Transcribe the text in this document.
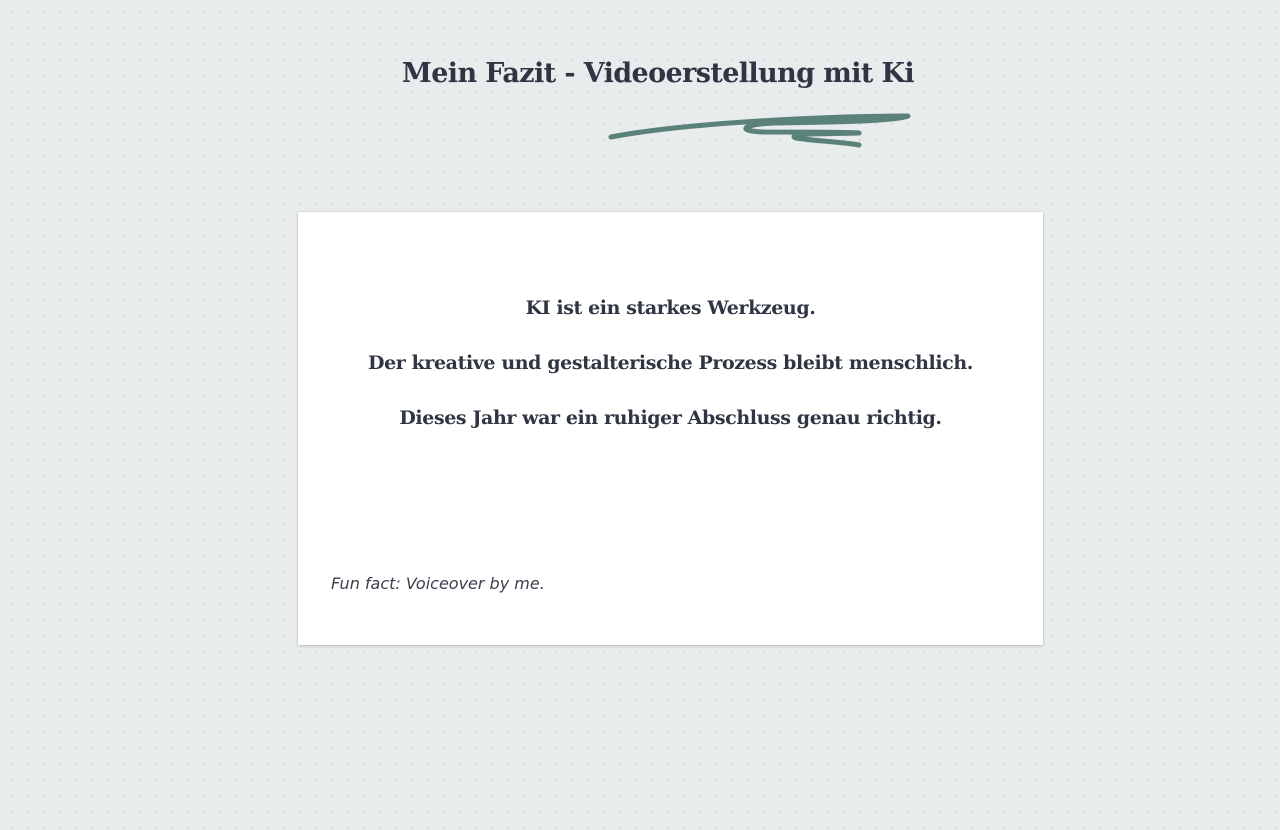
Mein Fazit - Videoerstellung mit Ki

KI ist ein starkes Werkzeug.

Der kreative und gestalterische Prozess bleibt menschlich.

Dieses Jahr war ein ruhiger Abschluss genau richtig.

Fun fact: Voiceover by me.
